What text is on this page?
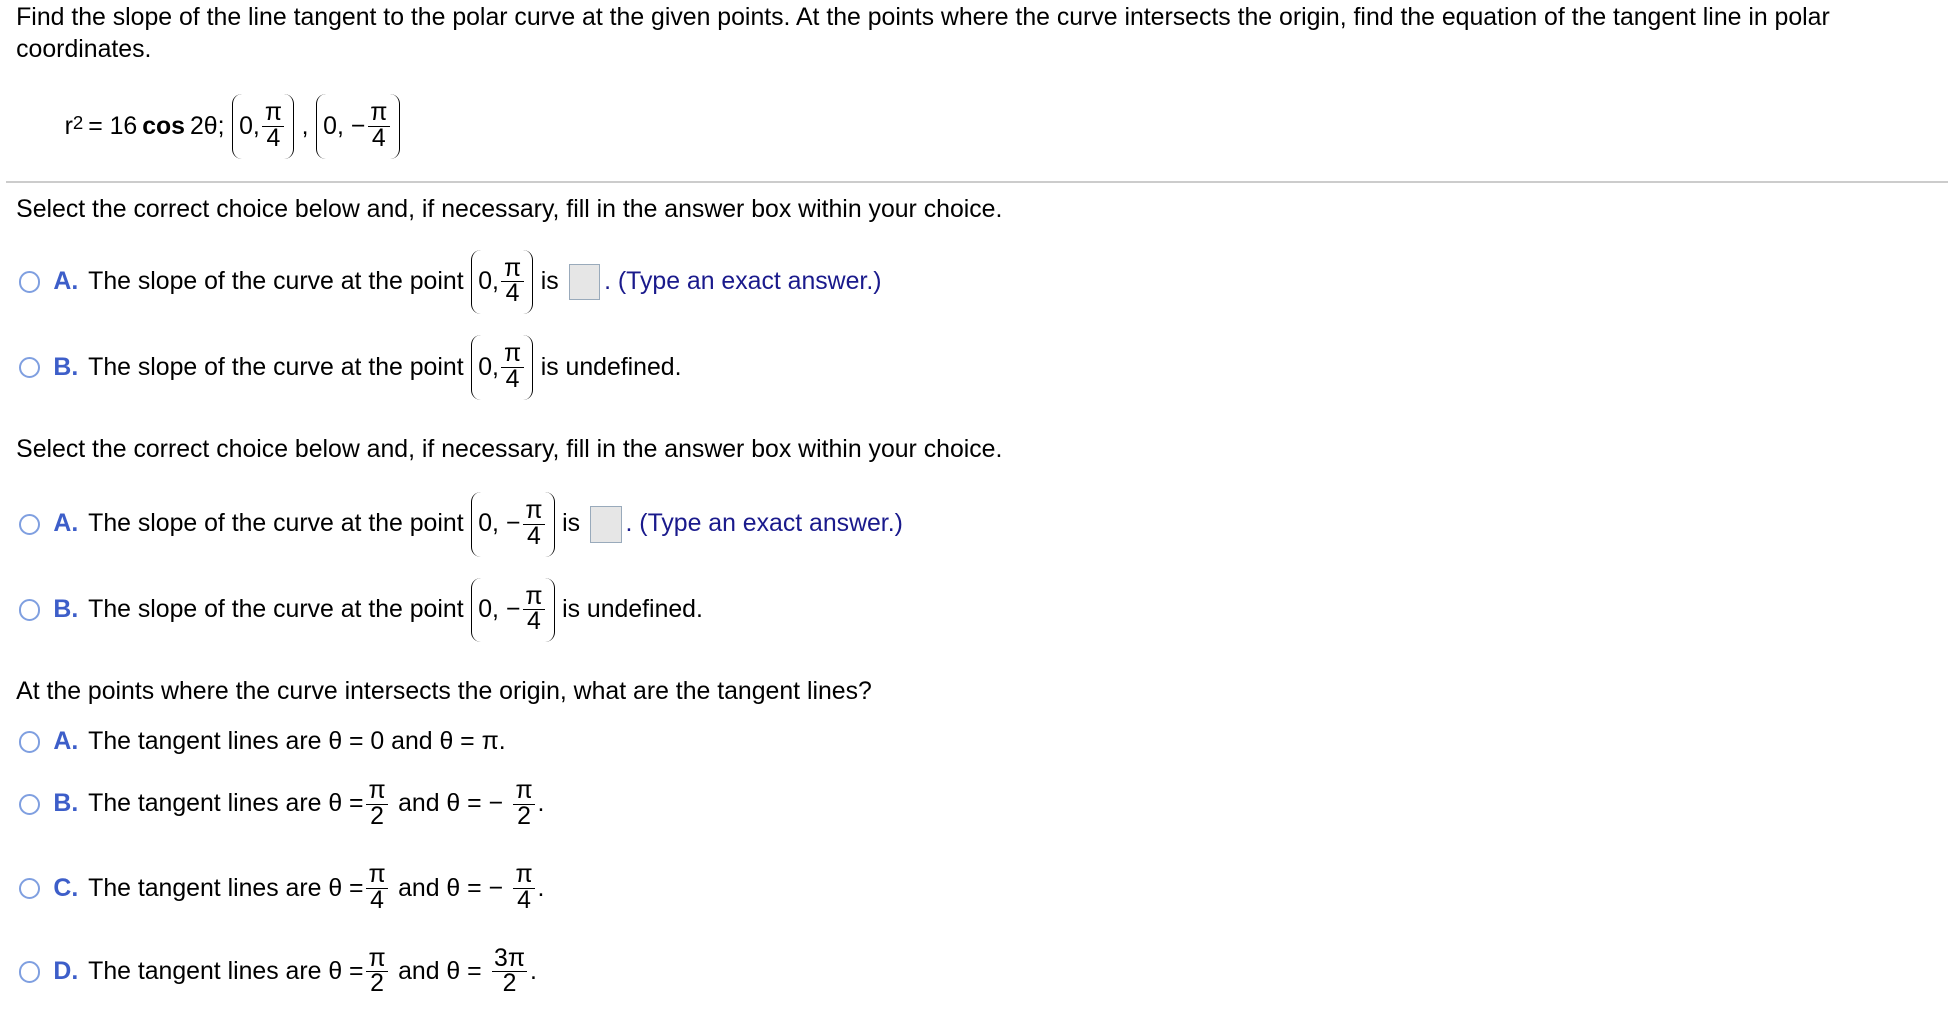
Find the slope of the line tangent to the polar curve at the given points. At the points where the curve intersects the origin, find the equation of the tangent line in polar coordinates.
$r^2 = 16$ cos 2θ; 0, $\frac{\pi}{4}$ , 0, − $\frac{\pi}{4}$
Select the correct choice below and, if necessary, fill in the answer box within your choice.
A. The slope of the curve at the point 0, $\frac{\pi}{4}$ is . (Type an exact answer.)
B. The slope of the curve at the point 0, $\frac{\pi}{4}$ is undefined.
Select the correct choice below and, if necessary, fill in the answer box within your choice.
A. The slope of the curve at the point 0, − $\frac{\pi}{4}$ is . (Type an exact answer.)
B. The slope of the curve at the point 0, − $\frac{\pi}{4}$ is undefined.
At the points where the curve intersects the origin, what are the tangent lines?
A. The tangent lines are θ = 0 and θ = π.
B. The tangent lines are $\theta = \frac{\pi}{2}$ and θ = − $\frac{\pi}{2}$ .
C. The tangent lines are $\theta = \frac{\pi}{4}$ and θ = − $\frac{\pi}{4}$ .
D. The tangent lines are $\theta = \frac{\pi}{2}$ and $\theta = \frac{3\pi}{2}$ .
